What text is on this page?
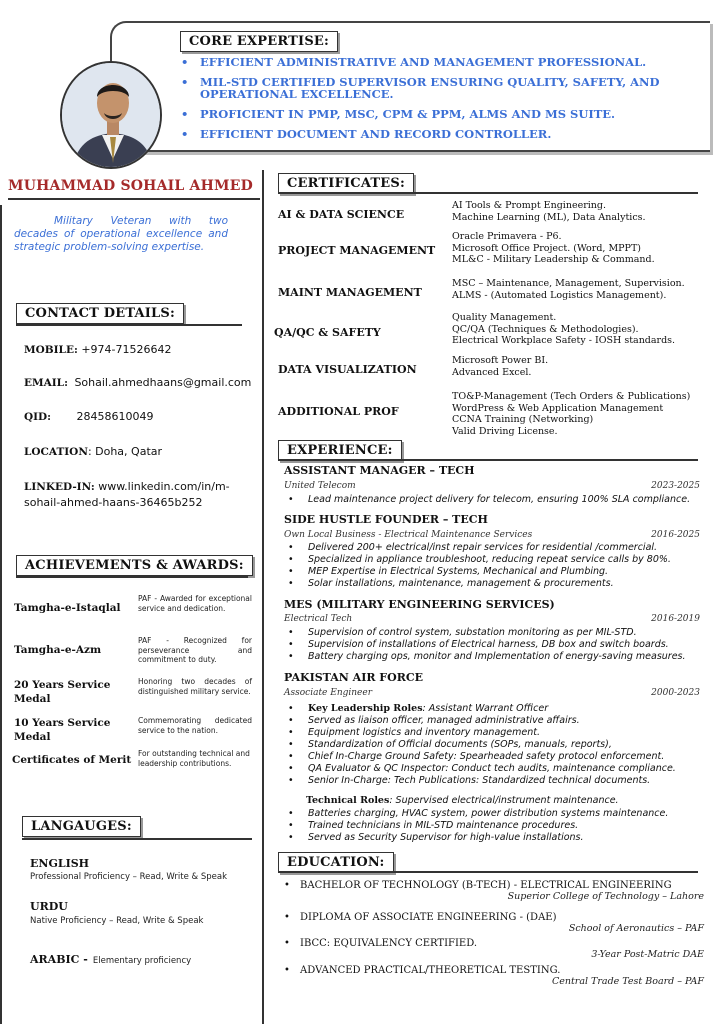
CORE EXPERTISE:
• EFFICIENT ADMINISTRATIVE AND MANAGEMENT PROFESSIONAL.
• MIL-STD CERTIFIED SUPERVISOR ENSURING QUALITY, SAFETY, AND OPERATIONAL EXCELLENCE.
• PROFICIENT IN PMP, MSC, CPM & PPM, ALMS AND MS SUITE.
• EFFICIENT DOCUMENT AND RECORD CONTROLLER.
MUHAMMAD SOHAIL AHMED
Military Veteran with two decades of operational excellence and strategic problem-solving expertise.
CONTACT DETAILS:
MOBILE: +974-71526642
EMAIL: Sohail.ahmedhaans@gmail.com
QID: 28458610049
LOCATION: Doha, Qatar
LINKED-IN: www.linkedin.com/in/m-
sohail-ahmed-haans-36465b252
ACHIEVEMENTS & AWARDS:
Tamgha-e-Istaqlal
PAF - Awarded for exceptional service and dedication.
Tamgha-e-Azm
PAF - Recognized for perseverance and commitment to duty.
20 Years Service Medal
Honoring two decades of distinguished military service.
10 Years Service Medal
Commemorating dedicated service to the nation.
Certificates of Merit
For outstanding technical and leadership contributions.
LANGAUGES:
ENGLISH
Professional Proficiency – Read, Write & Speak
URDU
Native Proficiency – Read, Write & Speak
ARABIC - Elementary proficiency
CERTIFICATES:
AI & DATA SCIENCE
AI Tools & Prompt Engineering.
Machine Learning (ML), Data Analytics.
PROJECT MANAGEMENT
Oracle Primavera - P6.
Microsoft Office Project. (Word, MPPT)
ML&C - Military Leadership & Command.
MAINT MANAGEMENT
MSC – Maintenance, Management, Supervision.
ALMS - (Automated Logistics Management).
QA/QC & SAFETY
Quality Management.
QC/QA (Techniques & Methodologies).
Electrical Workplace Safety - IOSH standards.
DATA VISUALIZATION
Microsoft Power BI.
Advanced Excel.
ADDITIONAL PROF
TO&P-Management (Tech Orders & Publications)
WordPress & Web Application Management
CCNA Training (Networking)
Valid Driving License.
EXPERIENCE:
ASSISTANT MANAGER – TECH
United Telecom	2023-2025
• Lead maintenance project delivery for telecom, ensuring 100% SLA compliance.
SIDE HUSTLE FOUNDER – TECH
Own Local Business - Electrical Maintenance Services	2016-2025
• Delivered 200+ electrical/inst repair services for residential /commercial.
• Specialized in appliance troubleshoot, reducing repeat service calls by 80%.
• MEP Expertise in Electrical Systems, Mechanical and Plumbing.
• Solar installations, maintenance, management & procurements.
MES (MILITARY ENGINEERING SERVICES)
Electrical Tech	2016-2019
• Supervision of control system, substation monitoring as per MIL-STD.
• Supervision of installations of Electrical harness, DB box and switch boards.
• Battery charging ops, monitor and Implementation of energy-saving measures.
PAKISTAN AIR FORCE
Associate Engineer	2000-2023
• Key Leadership Roles: Assistant Warrant Officer
• Served as liaison officer, managed administrative affairs.
• Equipment logistics and inventory management.
• Standardization of Official documents (SOPs, manuals, reports),
• Chief In-Charge Ground Safety: Spearheaded safety protocol enforcement.
• QA Evaluator & QC Inspector: Conduct tech audits, maintenance compliance.
• Senior In-Charge: Tech Publications: Standardized technical documents.
Technical Roles: Supervised electrical/instrument maintenance.
• Batteries charging, HVAC system, power distribution systems maintenance.
• Trained technicians in MIL-STD maintenance procedures.
• Served as Security Supervisor for high-value installations.
EDUCATION:
• BACHELOR OF TECHNOLOGY (B-TECH) - ELECTRICAL ENGINEERING
Superior College of Technology – Lahore
• DIPLOMA OF ASSOCIATE ENGINEERING - (DAE)
School of Aeronautics – PAF
• IBCC: EQUIVALENCY CERTIFIED.
3-Year Post-Matric DAE
• ADVANCED PRACTICAL/THEORETICAL TESTING.
Central Trade Test Board – PAF
